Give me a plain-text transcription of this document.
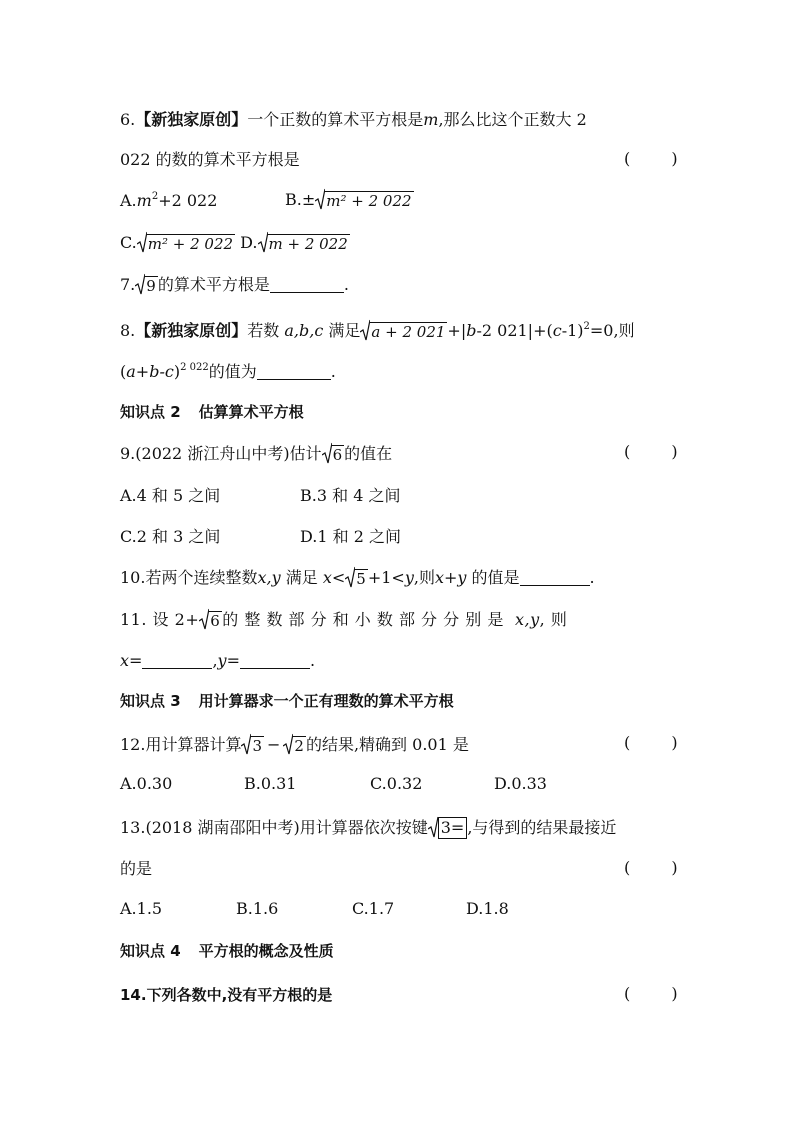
6.【新独家原创】一个正数的算术平方根是m,那么比这个正数大 2
022 的数的算术平方根是	( )
$A.m^2+2$ 022	B.± m² + 2 022
C. m² + 2 022 D. m + 2 022
7. 9 的算术平方根是	.
8.【新独家原创】若数 a,b,c 满足 a + 2 021 +|b-2 $021|+(c-1)^2=0$,则
$(a+b-c)^{2 022}$的值为	.
知识点 2 估算算术平方根
9.(2022 浙江舟山中考)估计 6 的值在	( )
A.4 和 5 之间	B.3 和 4 之间
C.2 和 3 之间	D.1 和 2 之间
10.若两个连续整数x,y 满足 x< 5 +1<y,则x+y 的值是	.
11. 设 2+ 6 的 整 数 部 分 和 小 数 部 分 分 别 是 x,y, 则
x=	,y=	.
知识点 3 用计算器求一个正有理数的算术平方根
12.用计算器计算 3 − 2 的结果,精确到 0.01 是	( )
A.0.30	B.0.31	C.0.32	D.0.33
13.(2018 湖南邵阳中考)用计算器依次按键 3= ,与得到的结果最接近
的是	( )
A.1.5	B.1.6	C.1.7	D.1.8
知识点 4 平方根的概念及性质
14.下列各数中,没有平方根的是	( )
